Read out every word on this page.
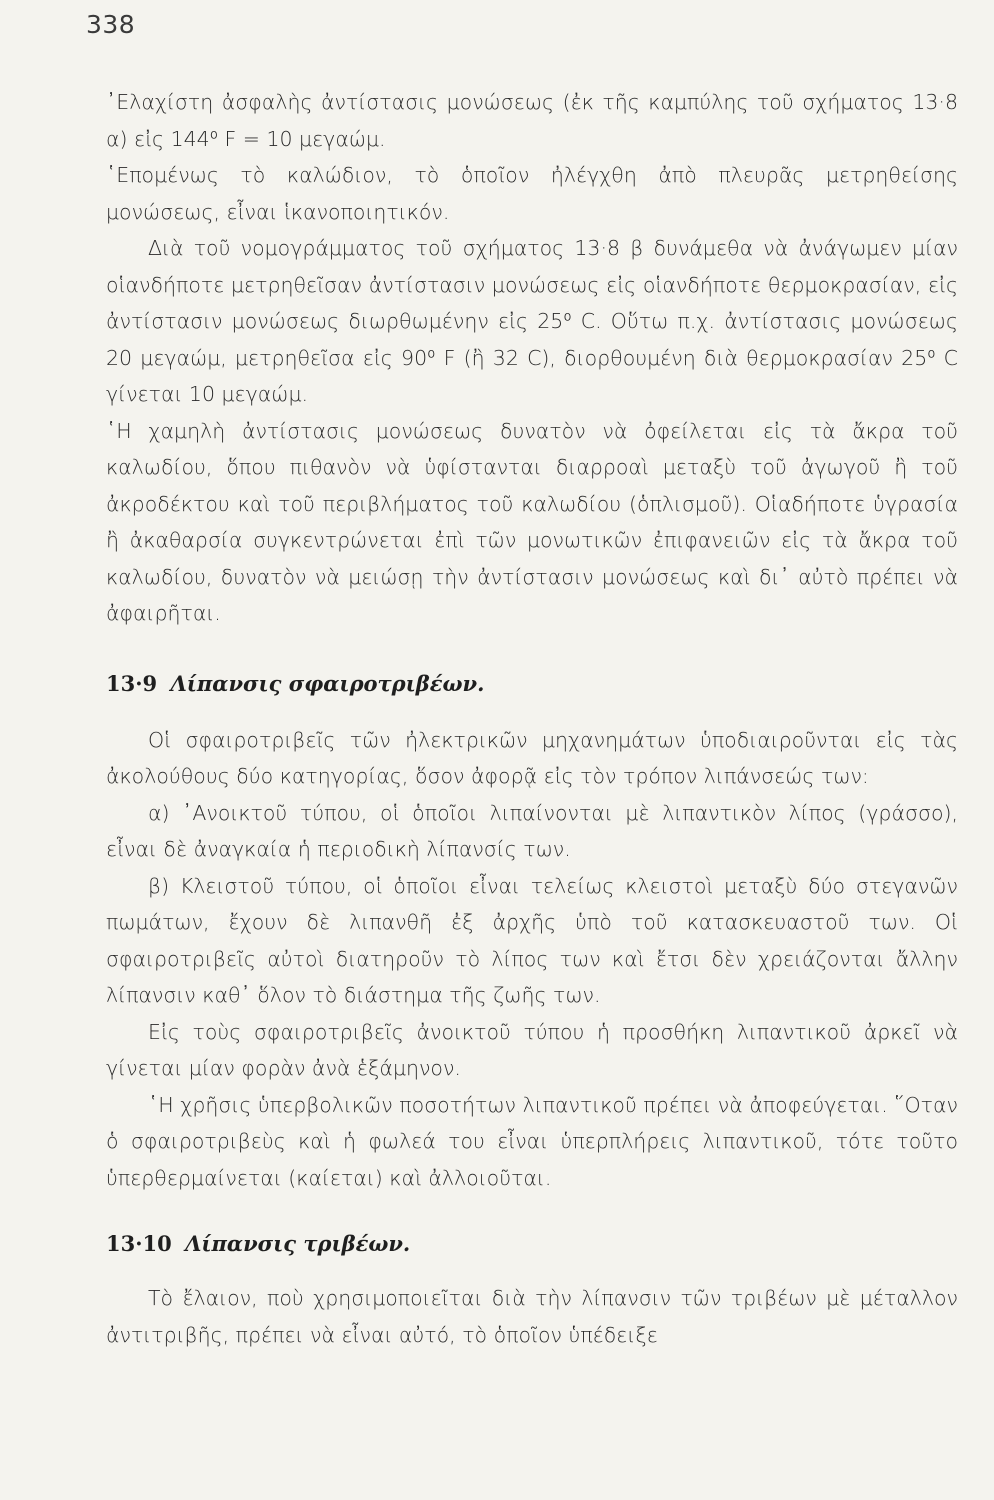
338

᾿Ελαχίστη ἀσφαλὴς ἀντίστασις μονώσεως (ἐκ τῆς καμπύλης τοῦ σχήματος 13·8 α) εἰς 144⁰ F = 10 μεγαώμ.

῾Επομένως τὸ καλώδιον, τὸ ὁποῖον ἠλέγχθη ἀπὸ πλευρᾶς μετρηθείσης μονώσεως, εἶναι ἱκανοποιητικόν.

Διὰ τοῦ νομογράμματος τοῦ σχήματος 13·8 β δυνάμεθα νὰ ἀνάγωμεν μίαν οἱανδήποτε μετρηθεῖσαν ἀντίστασιν μονώσεως εἰς οἱανδήποτε θερμοκρασίαν, εἰς ἀντίστασιν μονώσεως διωρθωμένην εἰς 25⁰ C. Οὕτω π.χ. ἀντίστασις μονώσεως 20 μεγαώμ, μετρηθεῖσα εἰς 90⁰ F (ἢ 32 C), διορθουμένη διὰ θερμοκρασίαν 25⁰ C γίνεται 10 μεγαώμ.

῾Η χαμηλὴ ἀντίστασις μονώσεως δυνατὸν νὰ ὀφείλεται εἰς τὰ ἄκρα τοῦ καλωδίου, ὅπου πιθανὸν νὰ ὑφίστανται διαρροαὶ μεταξὺ τοῦ ἀγωγοῦ ἢ τοῦ ἀκροδέκτου καὶ τοῦ περιβλήματος τοῦ καλωδίου (ὁπλισμοῦ). Οἱαδήποτε ὑγρασία ἢ ἀκαθαρσία συγκεντρώνεται ἐπὶ τῶν μονωτικῶν ἐπιφανειῶν εἰς τὰ ἄκρα τοῦ καλωδίου, δυνατὸν νὰ μειώσῃ τὴν ἀντίστασιν μονώσεως καὶ δι᾿ αὐτὸ πρέπει νὰ ἀφαιρῆται.

13·9 Λίπανσις σφαιροτριβέων.

Οἱ σφαιροτριβεῖς τῶν ἠλεκτρικῶν μηχανημάτων ὑποδιαιροῦνται εἰς τὰς ἀκολούθους δύο κατηγορίας, ὅσον ἀφορᾷ εἰς τὸν τρόπον λιπάνσεώς των:

α) ᾿Ανοικτοῦ τύπου, οἱ ὁποῖοι λιπαίνονται μὲ λιπαντικὸν λίπος (γράσσο), εἶναι δὲ ἀναγκαία ἡ περιοδικὴ λίπανσίς των.

β) Κλειστοῦ τύπου, οἱ ὁποῖοι εἶναι τελείως κλειστοὶ μεταξὺ δύο στεγανῶν πωμάτων, ἔχουν δὲ λιπανθῆ ἐξ ἀρχῆς ὑπὸ τοῦ κατασκευαστοῦ των. Οἱ σφαιροτριβεῖς αὐτοὶ διατηροῦν τὸ λίπος των καὶ ἔτσι δὲν χρειάζονται ἄλλην λίπανσιν καθ᾿ ὅλον τὸ διάστημα τῆς ζωῆς των.

Εἰς τοὺς σφαιροτριβεῖς ἀνοικτοῦ τύπου ἡ προσθήκη λιπαντικοῦ ἀρκεῖ νὰ γίνεται μίαν φορὰν ἀνὰ ἑξάμηνον.

῾Η χρῆσις ὑπερβολικῶν ποσοτήτων λιπαντικοῦ πρέπει νὰ ἀποφεύγεται. ῞Οταν ὁ σφαιροτριβεὺς καὶ ἡ φωλεά του εἶναι ὑπερπλήρεις λιπαντικοῦ, τότε τοῦτο ὑπερθερμαίνεται (καίεται) καὶ ἀλλοιοῦται.

13·10 Λίπανσις τριβέων.

Τὸ ἔλαιον, ποὺ χρησιμοποιεῖται διὰ τὴν λίπανσιν τῶν τριβέων μὲ μέταλλον ἀντιτριβῆς, πρέπει νὰ εἶναι αὐτό, τὸ ὁποῖον ὑπέδειξε
